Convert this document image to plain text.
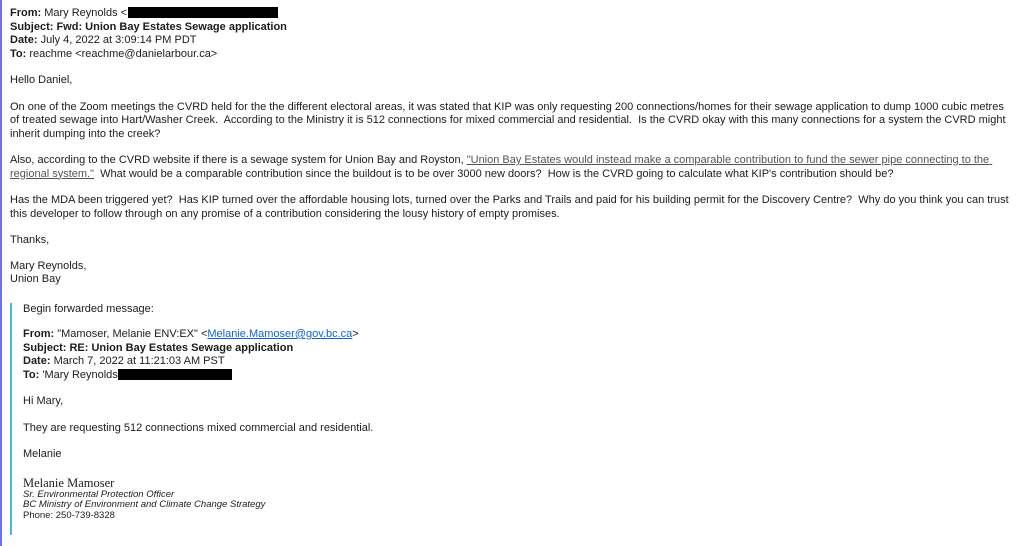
From: Mary Reynolds <
Subject: Fwd: Union Bay Estates Sewage application
Date: July 4, 2022 at 3:09:14 PM PDT
To: reachme <reachme@danielarbour.ca>

Hello Daniel,

On one of the Zoom meetings the CVRD held for the the different electoral areas, it was stated that KIP was only requesting 200 connections/homes for their sewage application to dump 1000 cubic metres of treated sewage into Hart/Washer Creek.  According to the Ministry it is 512 connections for mixed commercial and residential.  Is the CVRD okay with this many connections for a system the CVRD might inherit dumping into the creek?

Also, according to the CVRD website if there is a sewage system for Union Bay and Royston, "Union Bay Estates would instead make a comparable contribution to fund the sewer pipe connecting to the regional system."  What would be a comparable contribution since the buildout is to be over 3000 new doors?  How is the CVRD going to calculate what KIP's contribution should be?

Has the MDA been triggered yet?  Has KIP turned over the affordable housing lots, turned over the Parks and Trails and paid for his building permit for the Discovery Centre?  Why do you think you can trust this developer to follow through on any promise of a contribution considering the lousy history of empty promises.

Thanks,

Mary Reynolds,
Union Bay

Begin forwarded message:

From: "Mamoser, Melanie ENV:EX" <Melanie.Mamoser@gov.bc.ca>
Subject: RE: Union Bay Estates Sewage application
Date: March 7, 2022 at 11:21:03 AM PST
To: 'Mary Reynolds

Hi Mary,

They are requesting 512 connections mixed commercial and residential.

Melanie

Melanie Mamoser
Sr. Environmental Protection Officer
BC Ministry of Environment and Climate Change Strategy
Phone: 250-739-8328
